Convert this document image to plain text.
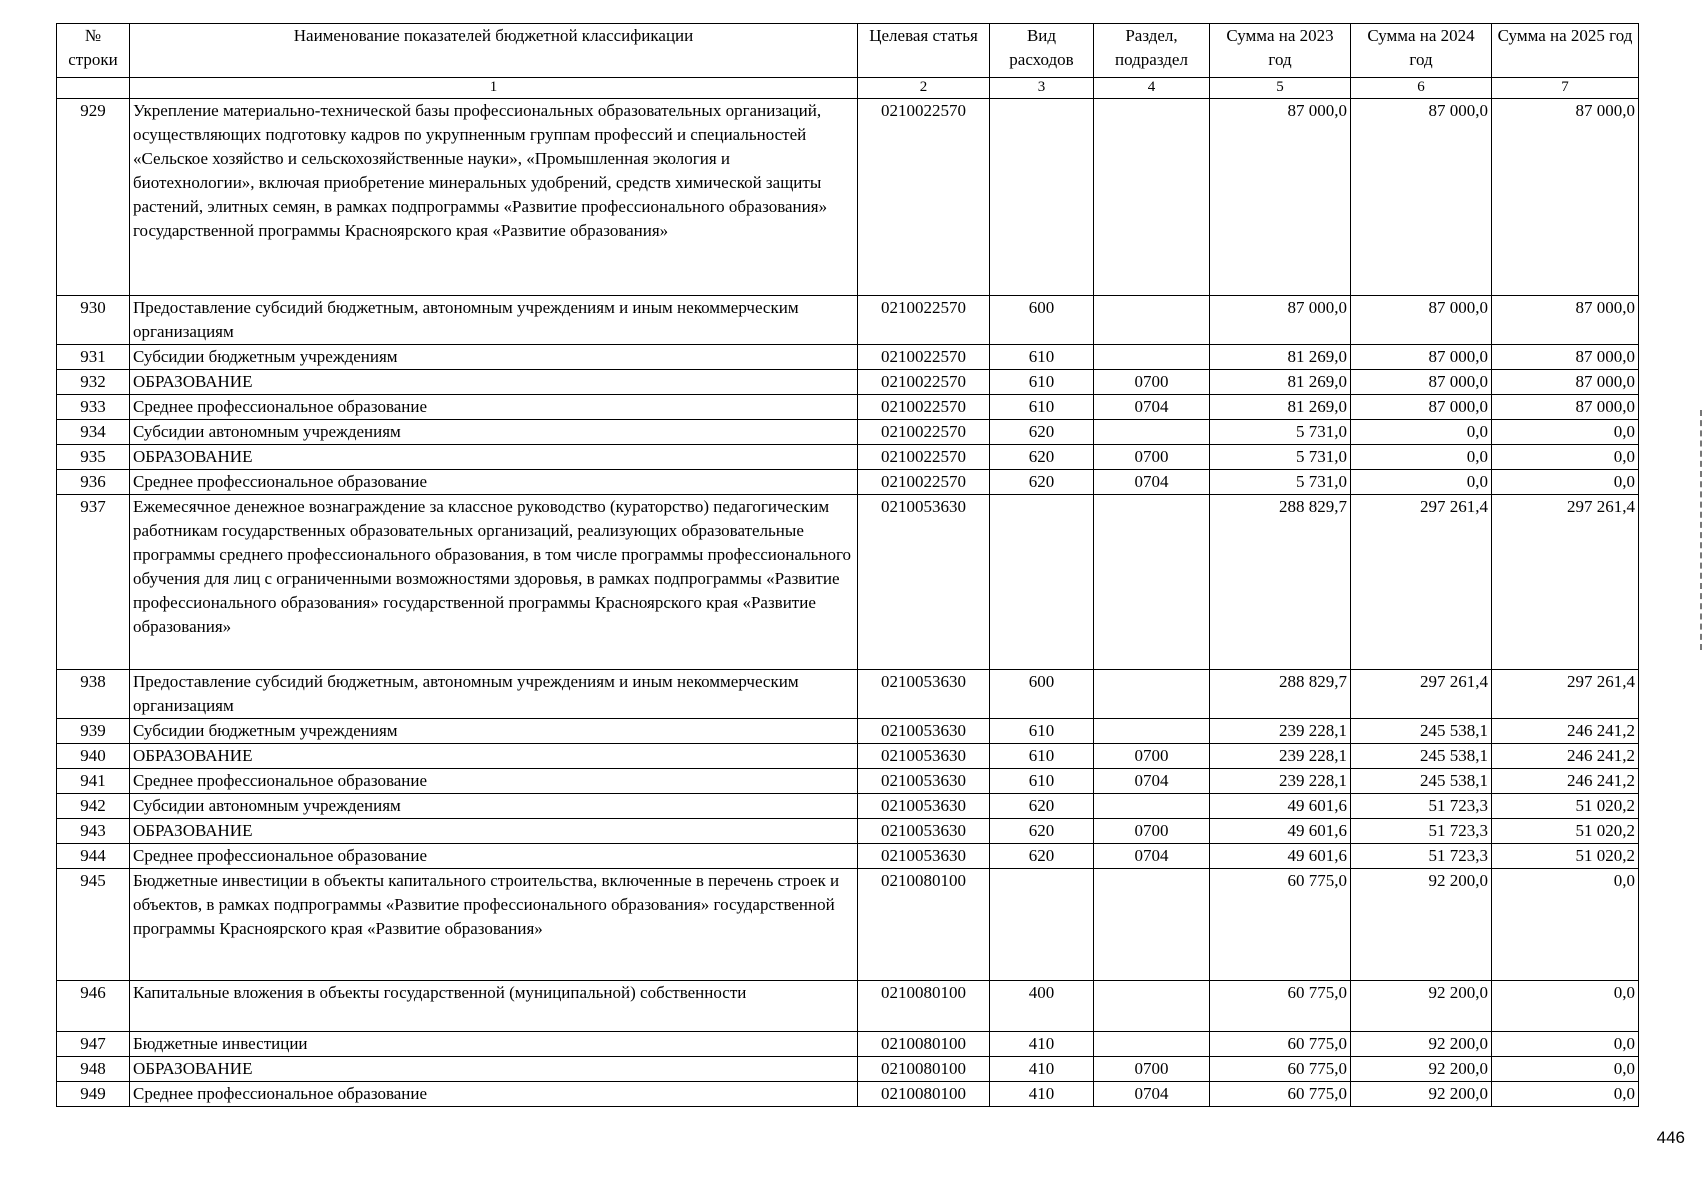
№ строки	Наименование показателей бюджетной классификации	Целевая статья	Вид расходов	Раздел, подраздел	Сумма на 2023 год	Сумма на 2024 год	Сумма на 2025 год
	1	2	3	4	5	6	7
929	Укрепление материально-технической базы профессиональных образовательных организаций, осуществляющих подготовку кадров по укрупненным группам профессий и специальностей «Сельское хозяйство и сельскохозяйственные науки», «Промышленная экология и биотехнологии», включая приобретение минеральных удобрений, средств химической защиты растений, элитных семян, в рамках подпрограммы «Развитие профессионального образования» государственной программы Красноярского края «Развитие образования»	0210022570			87 000,0	87 000,0	87 000,0
930	Предоставление субсидий бюджетным, автономным учреждениям и иным некоммерческим организациям	0210022570	600		87 000,0	87 000,0	87 000,0
931	Субсидии бюджетным учреждениям	0210022570	610		81 269,0	87 000,0	87 000,0
932	ОБРАЗОВАНИЕ	0210022570	610	0700	81 269,0	87 000,0	87 000,0
933	Среднее профессиональное образование	0210022570	610	0704	81 269,0	87 000,0	87 000,0
934	Субсидии автономным учреждениям	0210022570	620		5 731,0	0,0	0,0
935	ОБРАЗОВАНИЕ	0210022570	620	0700	5 731,0	0,0	0,0
936	Среднее профессиональное образование	0210022570	620	0704	5 731,0	0,0	0,0
937	Ежемесячное денежное вознаграждение за классное руководство (кураторство) педагогическим работникам государственных образовательных организаций, реализующих образовательные программы среднего профессионального образования, в том числе программы профессионального обучения для лиц с ограниченными возможностями здоровья, в рамках подпрограммы «Развитие профессионального образования» государственной программы Красноярского края «Развитие образования»	0210053630			288 829,7	297 261,4	297 261,4
938	Предоставление субсидий бюджетным, автономным учреждениям и иным некоммерческим организациям	0210053630	600		288 829,7	297 261,4	297 261,4
939	Субсидии бюджетным учреждениям	0210053630	610		239 228,1	245 538,1	246 241,2
940	ОБРАЗОВАНИЕ	0210053630	610	0700	239 228,1	245 538,1	246 241,2
941	Среднее профессиональное образование	0210053630	610	0704	239 228,1	245 538,1	246 241,2
942	Субсидии автономным учреждениям	0210053630	620		49 601,6	51 723,3	51 020,2
943	ОБРАЗОВАНИЕ	0210053630	620	0700	49 601,6	51 723,3	51 020,2
944	Среднее профессиональное образование	0210053630	620	0704	49 601,6	51 723,3	51 020,2
945	Бюджетные инвестиции в объекты капитального строительства, включенные в перечень строек и объектов, в рамках подпрограммы «Развитие профессионального образования» государственной программы Красноярского края «Развитие образования»	0210080100			60 775,0	92 200,0	0,0
946	Капитальные вложения в объекты государственной (муниципальной) собственности	0210080100	400		60 775,0	92 200,0	0,0
947	Бюджетные инвестиции	0210080100	410		60 775,0	92 200,0	0,0
948	ОБРАЗОВАНИЕ	0210080100	410	0700	60 775,0	92 200,0	0,0
949	Среднее профессиональное образование	0210080100	410	0704	60 775,0	92 200,0	0,0
446
